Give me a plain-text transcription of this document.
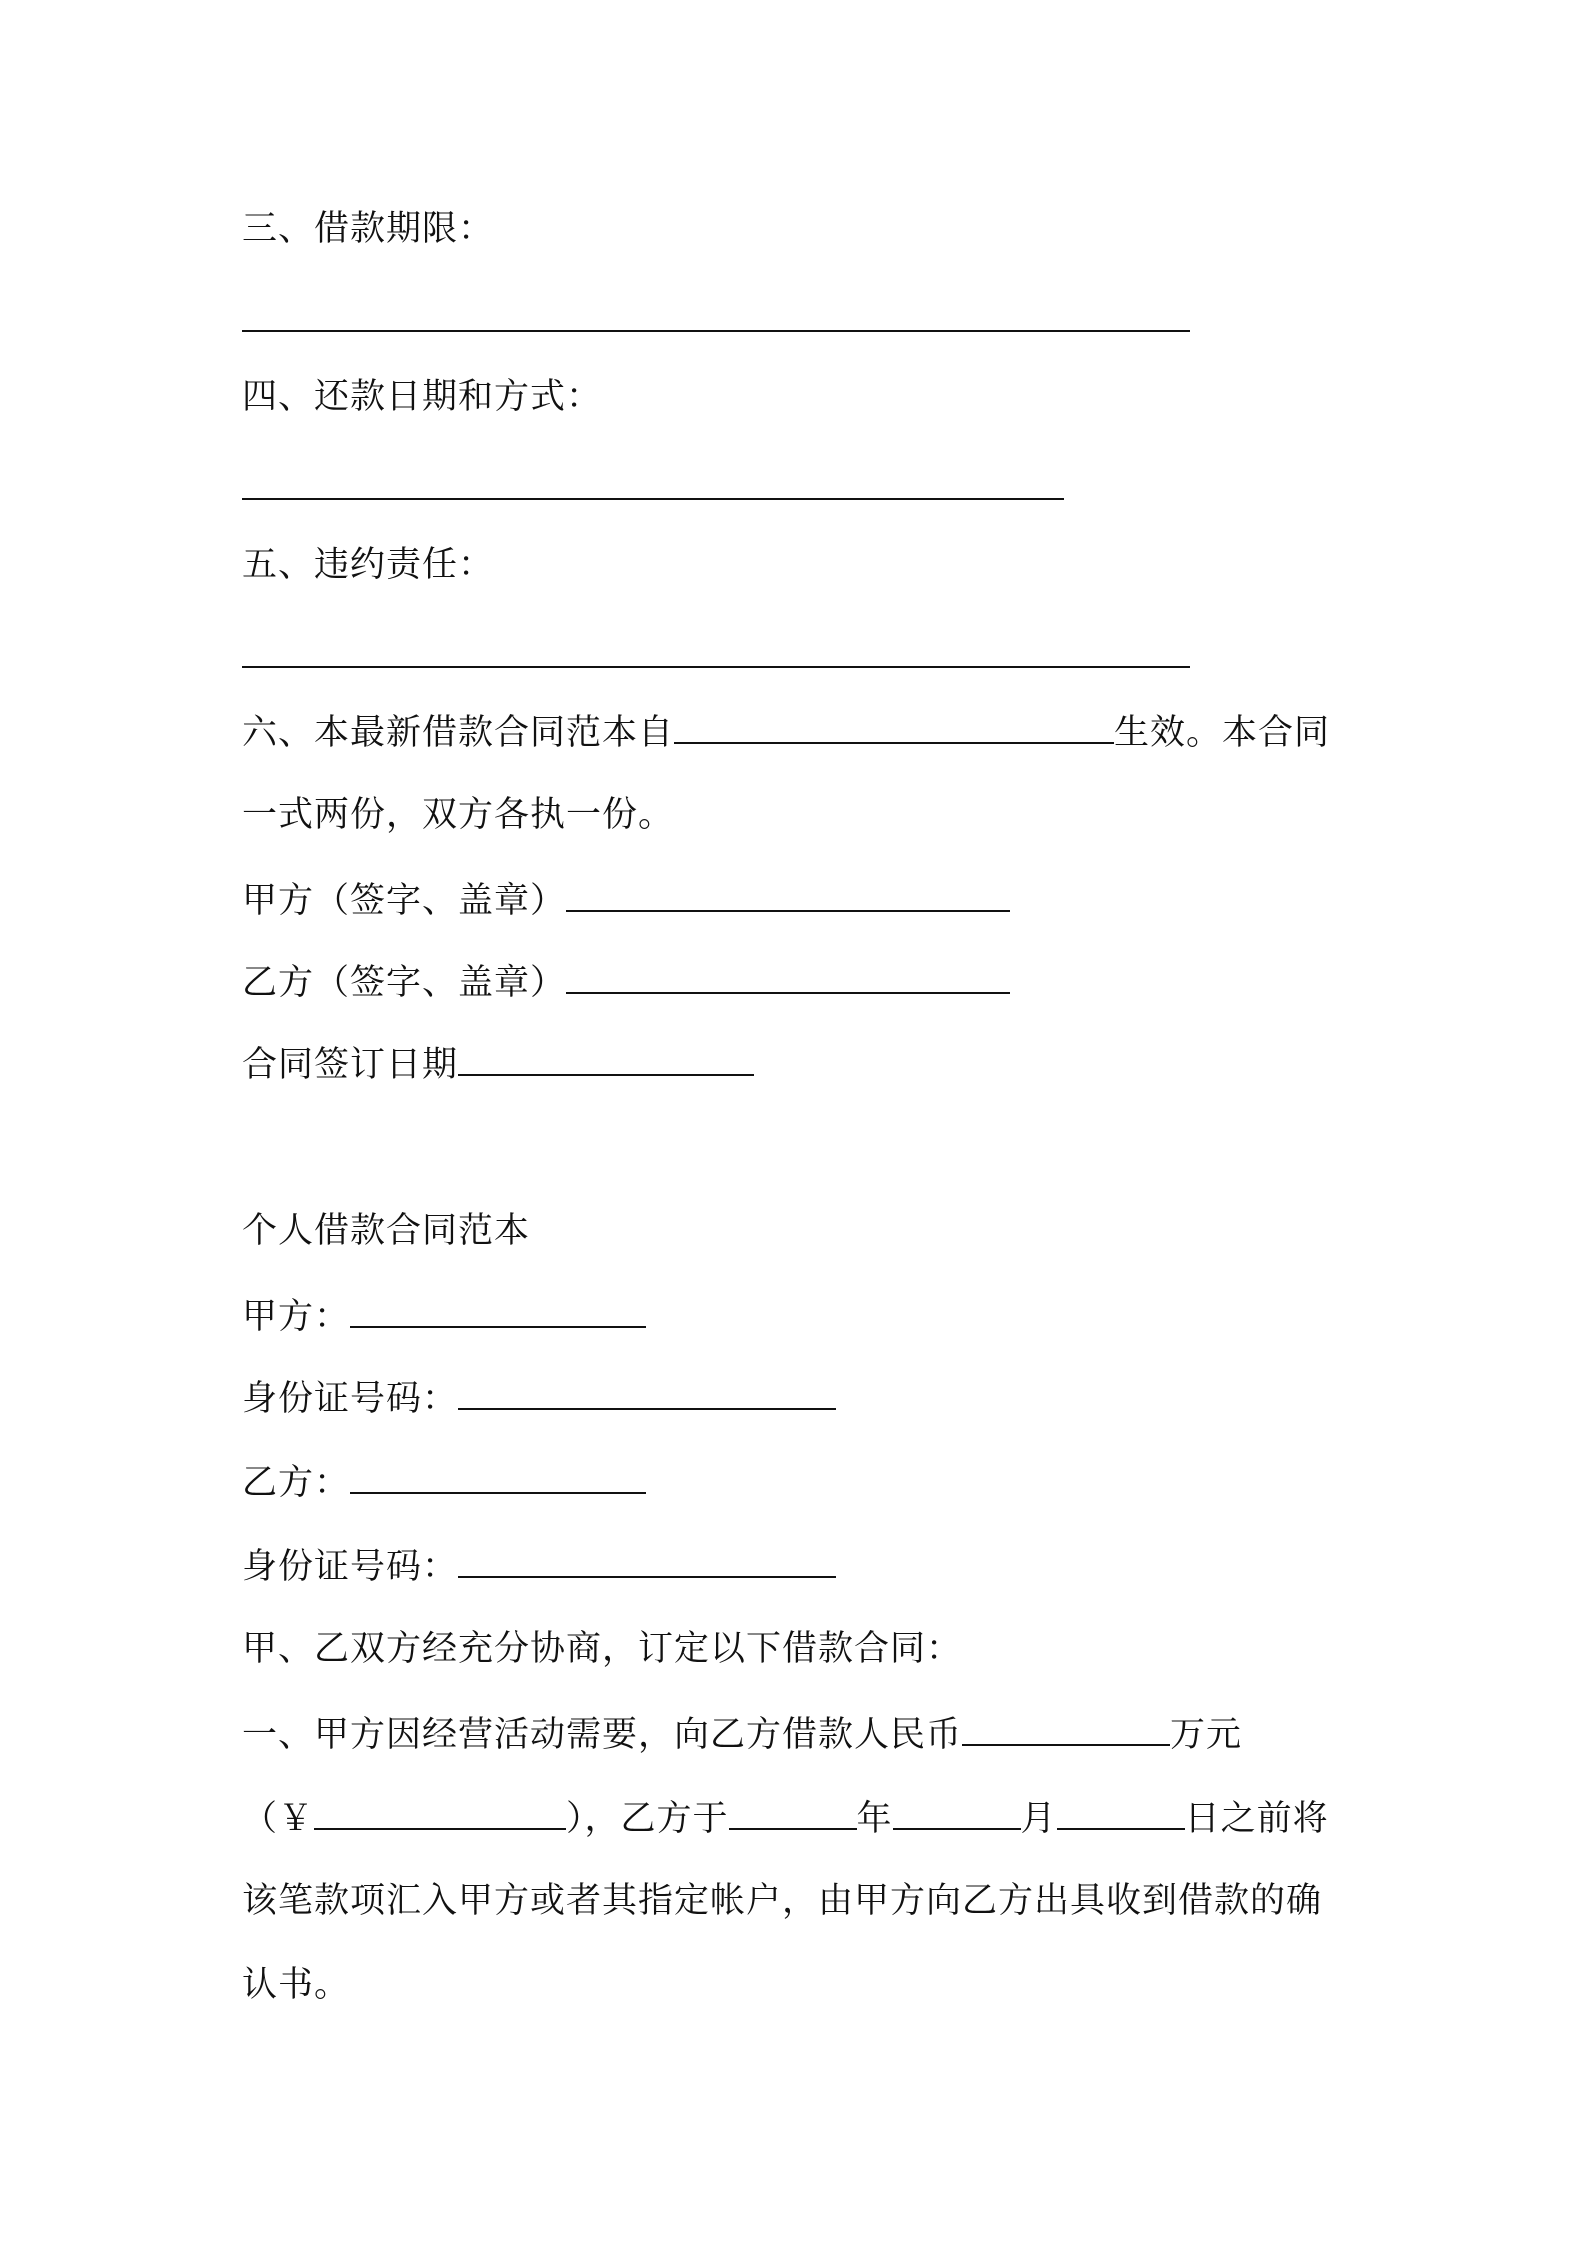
三、借款期限：
四、还款日期和方式：
五、违约责任：
六、本最新借款合同范本自	生效。本合同
一式两份，双方各执一份。
甲方（签字、盖章）
乙方（签字、盖章）
合同签订日期
个人借款合同范本
甲方：
身份证号码：
乙方：
身份证号码：
甲、乙双方经充分协商，订定以下借款合同：
一、甲方因经营活动需要，向乙方借款人民币	万元
（￥	），乙方于	年	月	日之前将
该笔款项汇入甲方或者其指定帐户，由甲方向乙方出具收到借款的确
认书。
